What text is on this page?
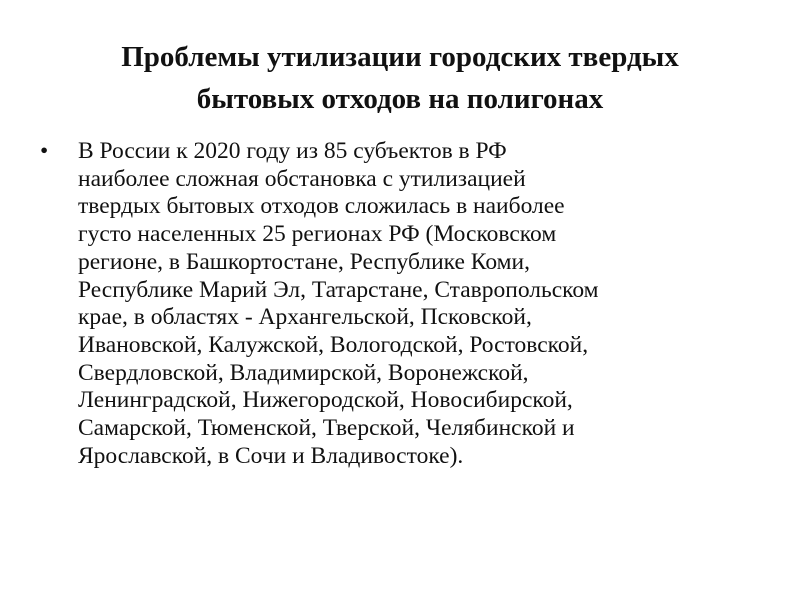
Проблемы утилизации городских твердых
бытовых отходов на полигонах
• В России к 2020 году из 85 субъектов в РФ
наиболее сложная обстановка с утилизацией
твердых бытовых отходов сложилась в наиболее
густо населенных 25 регионах РФ (Московском
регионе, в Башкортостане, Республике Коми,
Республике Марий Эл, Татарстане, Ставропольском
крае, в областях - Архангельской, Псковской,
Ивановской, Калужской, Вологодской, Ростовской,
Свердловской, Владимирской, Воронежской,
Ленинградской, Нижегородской, Новосибирской,
Самарской, Тюменской, Тверской, Челябинской и
Ярославской, в Сочи и Владивостоке).
